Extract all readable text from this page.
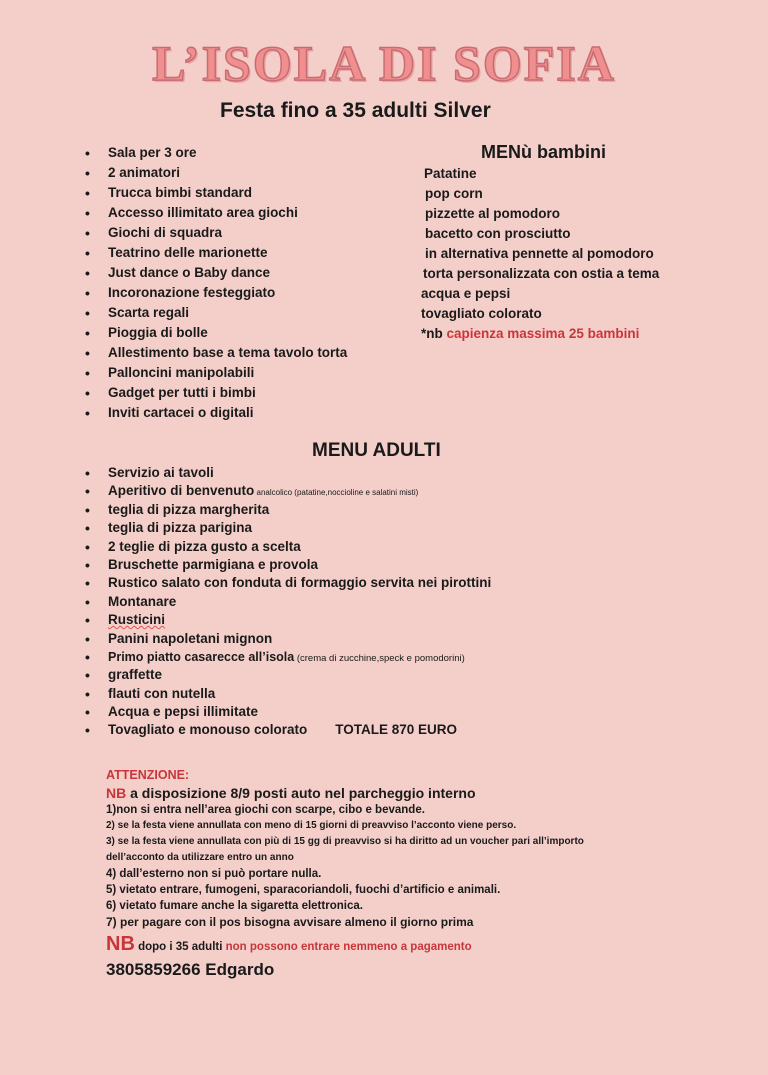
L’ISOLA DI SOFIA
Festa fino a 35 adulti Silver
• Sala per 3 ore
• 2 animatori
• Trucca bimbi standard
• Accesso illimitato area giochi
• Giochi di squadra
• Teatrino delle marionette
• Just dance o Baby dance
• Incoronazione festeggiato
• Scarta regali
• Pioggia di bolle
• Allestimento base a tema tavolo torta
• Palloncini manipolabili
• Gadget per tutti i bimbi
• Inviti cartacei o digitali
MENù bambini
Patatine
pop corn
pizzette al pomodoro
bacetto con prosciutto
in alternativa pennette al pomodoro
torta personalizzata con ostia a tema
acqua e pepsi
tovagliato colorato
*nb capienza massima 25 bambini
MENU ADULTI
• Servizio ai tavoli
• Aperitivo di benvenuto analcolico (patatine,noccioline e salatini misti)
• teglia di pizza margherita
• teglia di pizza parigina
• 2 teglie di pizza gusto a scelta
• Bruschette parmigiana e provola
• Rustico salato con fonduta di formaggio servita nei pirottini
• Montanare
• Rusticini
• Panini napoletani mignon
• Primo piatto casarecce all’isola (crema di zucchine,speck e pomodorini)
• graffette
• flauti con nutella
• Acqua e pepsi illimitate
• Tovagliato e monouso colorato TOTALE 870 EURO
ATTENZIONE:
NB a disposizione 8/9 posti auto nel parcheggio interno
1)non si entra nell’area giochi con scarpe, cibo e bevande.
2) se la festa viene annullata con meno di 15 giorni di preavviso l’acconto viene perso.
3) se la festa viene annullata con più di 15 gg di preavviso si ha diritto ad un voucher pari all’importo
dell’acconto da utilizzare entro un anno
4) dall’esterno non si può portare nulla.
5) vietato entrare, fumogeni, sparacoriandoli, fuochi d’artificio e animali.
6) vietato fumare anche la sigaretta elettronica.
7) per pagare con il pos bisogna avvisare almeno il giorno prima
NB dopo i 35 adulti non possono entrare nemmeno a pagamento
3805859266 Edgardo
